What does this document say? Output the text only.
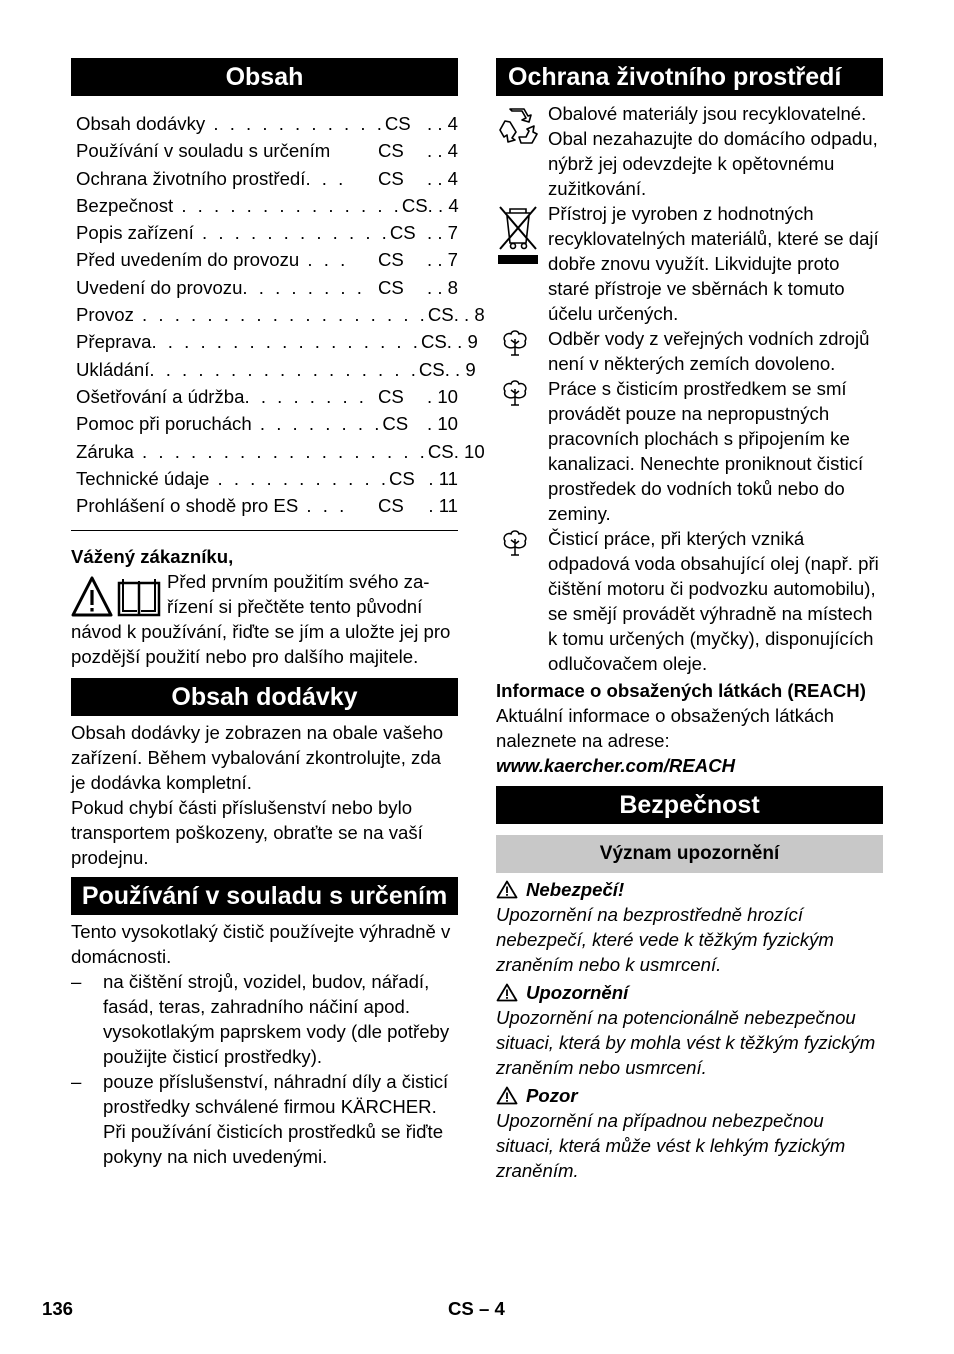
Obsah
Obsah dodávky . . . . . . . . . . . CS . . 4
Používání v souladu s určením	CS	. . 4
Ochrana životního prostředí. . .	CS	. . 4
Bezpečnost . . . . . . . . . . . . . . CS . . 4
Popis zařízení . . . . . . . . . . . . CS . . 7
Před uvedením do provozu . . .	CS	. . 7
Uvedení do provozu. . . . . . . . CS	. . 8
Provoz . . . . . . . . . . . . . . . . . . CS . . 8
Přeprava. . . . . . . . . . . . . . . . . CS . . 9
Ukládání. . . . . . . . . . . . . . . . . CS . . 9
Ošetřování a údržba. . . . . . . . CS	. 10
Pomoc při poruchách . . . . . . . . CS	. 10
Záruka . . . . . . . . . . . . . . . . . . CS . 10
Technické údaje . . . . . . . . . . . CS . 11
Prohlášení o shodě pro ES . . .	CS	. 11

Vážený zákazníku,

Před prvním použitím svého za-

řízení si přečtěte tento původní

návod k používání, řiďte se jím a uložte jej pro pozdější použití nebo pro dalšího majitele.

Obsah dodávky

Obsah dodávky je zobrazen na obale vašeho zařízení. Během vybalování zkontrolujte, zda je dodávka kompletní.

Pokud chybí části příslušenství nebo bylo transportem poškozeny, obraťte se na vaší prodejnu.

Používání v souladu s určením

Tento vysokotlaký čistič používejte výhradně v domácnosti.

– na čištění strojů, vozidel, budov, nářadí, fasád, teras, zahradního náčiní apod. vysokotlakým paprskem vody (dle potřeby použijte čisticí prostředky).
– pouze příslušenství, náhradní díly a čisticí prostředky schválené firmou KÄRCHER. Při používání čisticích prostředků se řiďte pokyny na nich uvedenými.
Ochrana životního prostředí
Obalové materiály jsou recyklovatelné. Obal nezahazujte do domácího odpadu, nýbrž jej odevzdejte k opětovnému zužitkování.
Přístroj je vyroben z hodnotných recyklovatelných materiálů, které se dají dobře znovu využít. Likvidujte proto staré přístroje ve sběrnách k tomuto účelu určených.
Odběr vody z veřejných vodních zdrojů není v některých zemích dovoleno.
Práce s čisticím prostředkem se smí provádět pouze na nepropustných pracovních plochách s připojením ke kanalizaci. Nenechte proniknout čisticí prostředek do vodních toků nebo do zeminy.
Čisticí práce, při kterých vzniká odpadová voda obsahující olej (např. při čištění motoru či podvozku automobilu), se smějí provádět výhradně na místech k tomu určených (myčky), disponujících odlučovačem oleje.

Informace o obsažených látkách (REACH)

Aktuální informace o obsažených látkách naleznete na adrese:

www.kaercher.com/REACH

Bezpečnost
Význam upozornění
Nebezpečí!

Upozornění na bezprostředně hrozící nebezpečí, které vede k těžkým fyzickým zraněním nebo k usmrcení.

Upozornění

Upozornění na potencionálně nebezpečnou situaci, která by mohla vést k těžkým fyzickým zraněním nebo usmrcení.

Pozor

Upozornění na případnou nebezpečnou situaci, která může vést k lehkým fyzickým zraněním.

136	CS – 4
